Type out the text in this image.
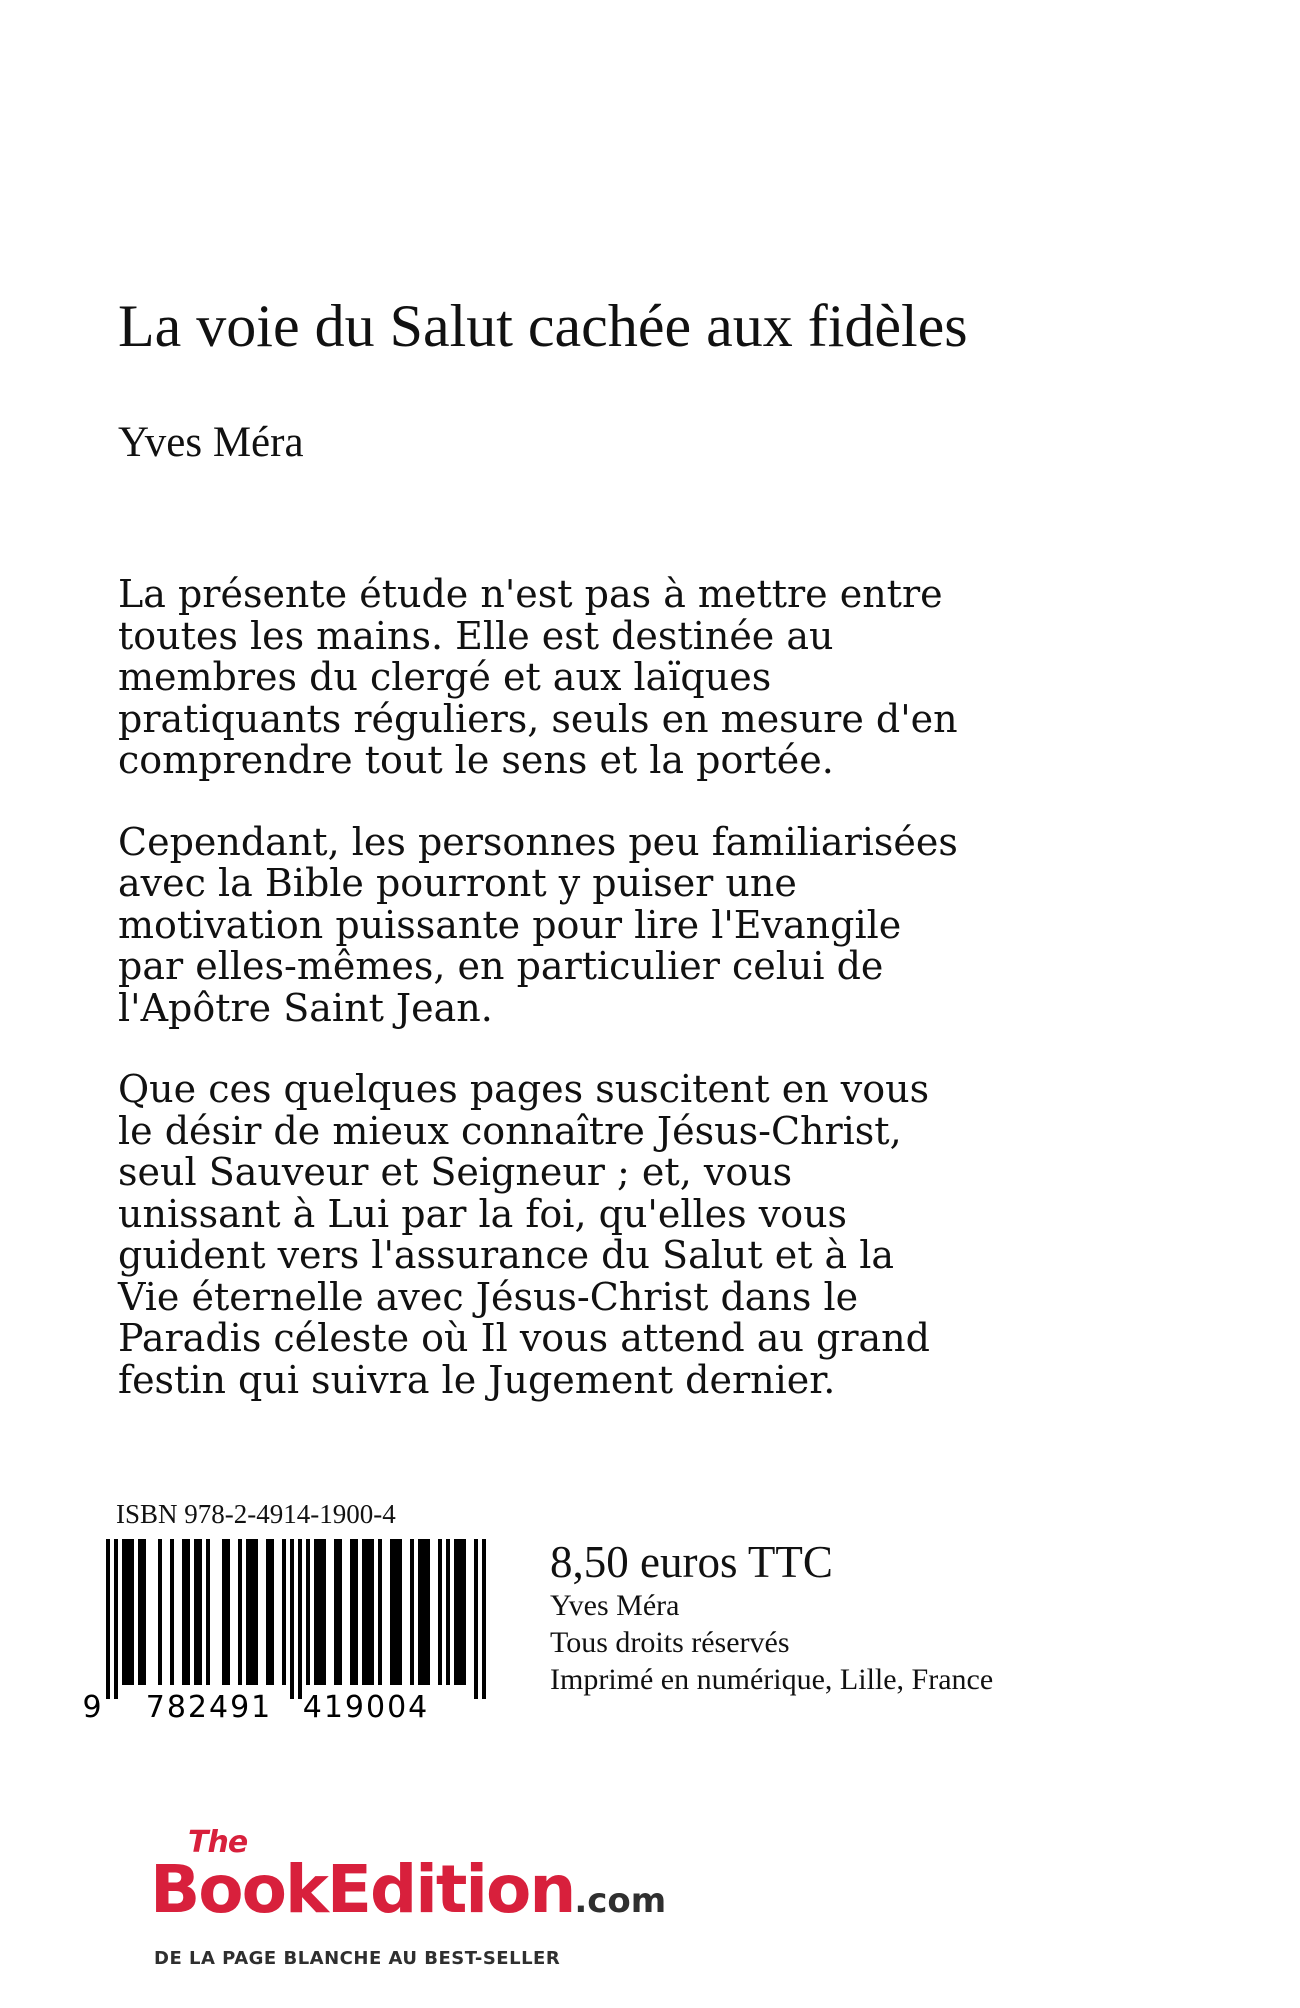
La voie du Salut cachée aux fidèles
Yves Méra

La présente étude n'est pas à mettre entre toutes les mains. Elle est destinée au membres du clergé et aux laïques pratiquants réguliers, seuls en mesure d'en comprendre tout le sens et la portée.

Cependant, les personnes peu familiarisées avec la Bible pourront y puiser une motivation puissante pour lire l'Evangile par elles-mêmes, en particulier celui de l'Apôtre Saint Jean.

Que ces quelques pages suscitent en vous le désir de mieux connaître Jésus-Christ, seul Sauveur et Seigneur ; et, vous unissant à Lui par la foi, qu'elles vous guident vers l'assurance du Salut et à la Vie éternelle avec Jésus-Christ dans le Paradis céleste où Il vous attend au grand festin qui suivra le Jugement dernier.

ISBN 978-2-4914-1900-4
9 782491 419004
8,50 euros TTC
Yves Méra
Tous droits réservés
Imprimé en numérique, Lille, France
The
BookEdition.com
DE LA PAGE BLANCHE AU BEST-SELLER
